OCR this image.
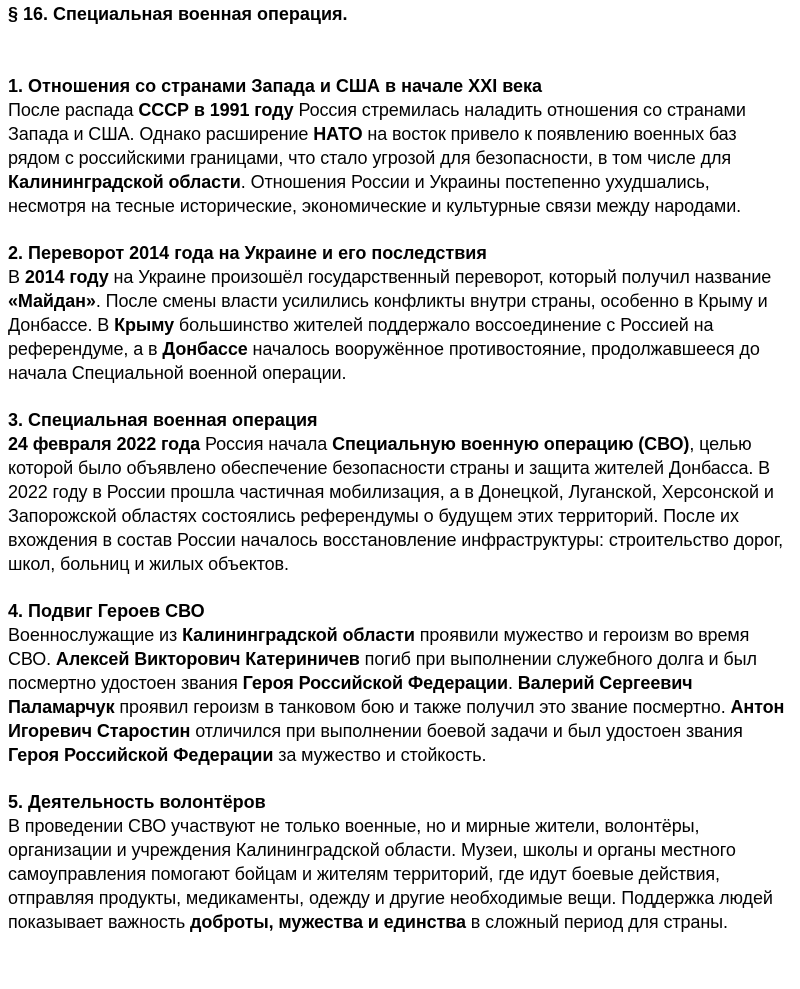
§ 16. Специальная военная операция.
1. Отношения со странами Запада и США в начале XXI века

После распада СССР в 1991 году Россия стремилась наладить отношения со странами Запада и США. Однако расширение НАТО на восток привело к появлению военных баз рядом с российскими границами, что стало угрозой для безопасности, в том числе для Калининградской области. Отношения России и Украины постепенно ухудшались, несмотря на тесные исторические, экономические и культурные связи между народами.

2. Переворот 2014 года на Украине и его последствия

В 2014 году на Украине произошёл государственный переворот, который получил название «Майдан». После смены власти усилились конфликты внутри страны, особенно в Крыму и Донбассе. В Крыму большинство жителей поддержало воссоединение с Россией на референдуме, а в Донбассе началось вооружённое противостояние, продолжавшееся до начала Специальной военной операции.

3. Специальная военная операция

24 февраля 2022 года Россия начала Специальную военную операцию (СВО), целью которой было объявлено обеспечение безопасности страны и защита жителей Донбасса. В 2022 году в России прошла частичная мобилизация, а в Донецкой, Луганской, Херсонской и Запорожской областях состоялись референдумы о будущем этих территорий. После их вхождения в состав России началось восстановление инфраструктуры: строительство дорог, школ, больниц и жилых объектов.

4. Подвиг Героев СВО

Военнослужащие из Калининградской области проявили мужество и героизм во время СВО. Алексей Викторович Катериничев погиб при выполнении служебного долга и был посмертно удостоен звания Героя Российской Федерации. Валерий Сергеевич Паламарчук проявил героизм в танковом бою и также получил это звание посмертно. Антон Игоревич Старостин отличился при выполнении боевой задачи и был удостоен звания Героя Российской Федерации за мужество и стойкость.

5. Деятельность волонтёров

В проведении СВО участвуют не только военные, но и мирные жители, волонтёры, организации и учреждения Калининградской области. Музеи, школы и органы местного самоуправления помогают бойцам и жителям территорий, где идут боевые действия, отправляя продукты, медикаменты, одежду и другие необходимые вещи. Поддержка людей показывает важность доброты, мужества и единства в сложный период для страны.
